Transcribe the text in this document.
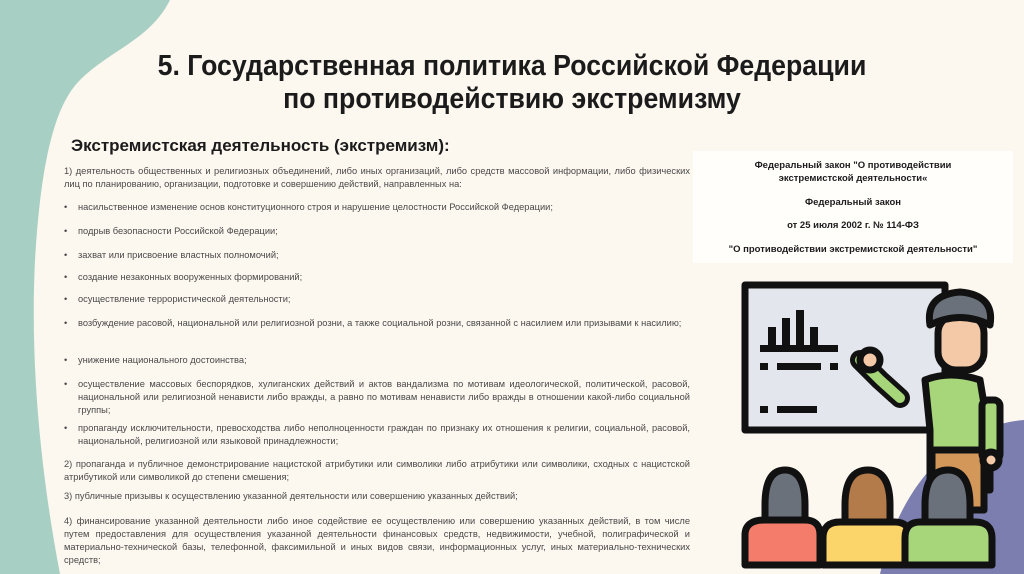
5. Государственная политика Российской Федерации
по противодействию экстремизму
Экстремистская деятельность (экстремизм):
1) деятельность общественных и религиозных объединений, либо иных организаций, либо средств массовой информации, либо физических лиц по планированию, организации, подготовке и совершению действий, направленных на:
• насильственное изменение основ конституционного строя и нарушение целостности Российской Федерации;
• подрыв безопасности Российской Федерации;
• захват или присвоение властных полномочий;
• создание незаконных вооруженных формирований;
• осуществление террористической деятельности;
• возбуждение расовой, национальной или религиозной розни, а также социальной розни, связанной с насилием или призывами к насилию;
• унижение национального достоинства;
• осуществление массовых беспорядков, хулиганских действий и актов вандализма по мотивам идеологической, политической, расовой, национальной или религиозной ненависти либо вражды, а равно по мотивам ненависти либо вражды в отношении какой-либо социальной группы;
• пропаганду исключительности, превосходства либо неполноценности граждан по признаку их отношения к религии, социальной, расовой, национальной, религиозной или языковой принадлежности;
2) пропаганда и публичное демонстрирование нацистской атрибутики или символики либо атрибутики или символики, сходных с нацистской атрибутикой или символикой до степени смешения;
3) публичные призывы к осуществлению указанной деятельности или совершению указанных действий;
4) финансирование указанной деятельности либо иное содействие ее осуществлению или совершению указанных действий, в том числе путем предоставления для осуществления указанной деятельности финансовых средств, недвижимости, учебной, полиграфической и материально-технической базы, телефонной, факсимильной и иных видов связи, информационных услуг, иных материально-технических средств;
Федеральный закон "О противодействии
экстремистской деятельности«
Федеральный закон
от 25 июля 2002 г. № 114-ФЗ
"О противодействии экстремистской деятельности"
